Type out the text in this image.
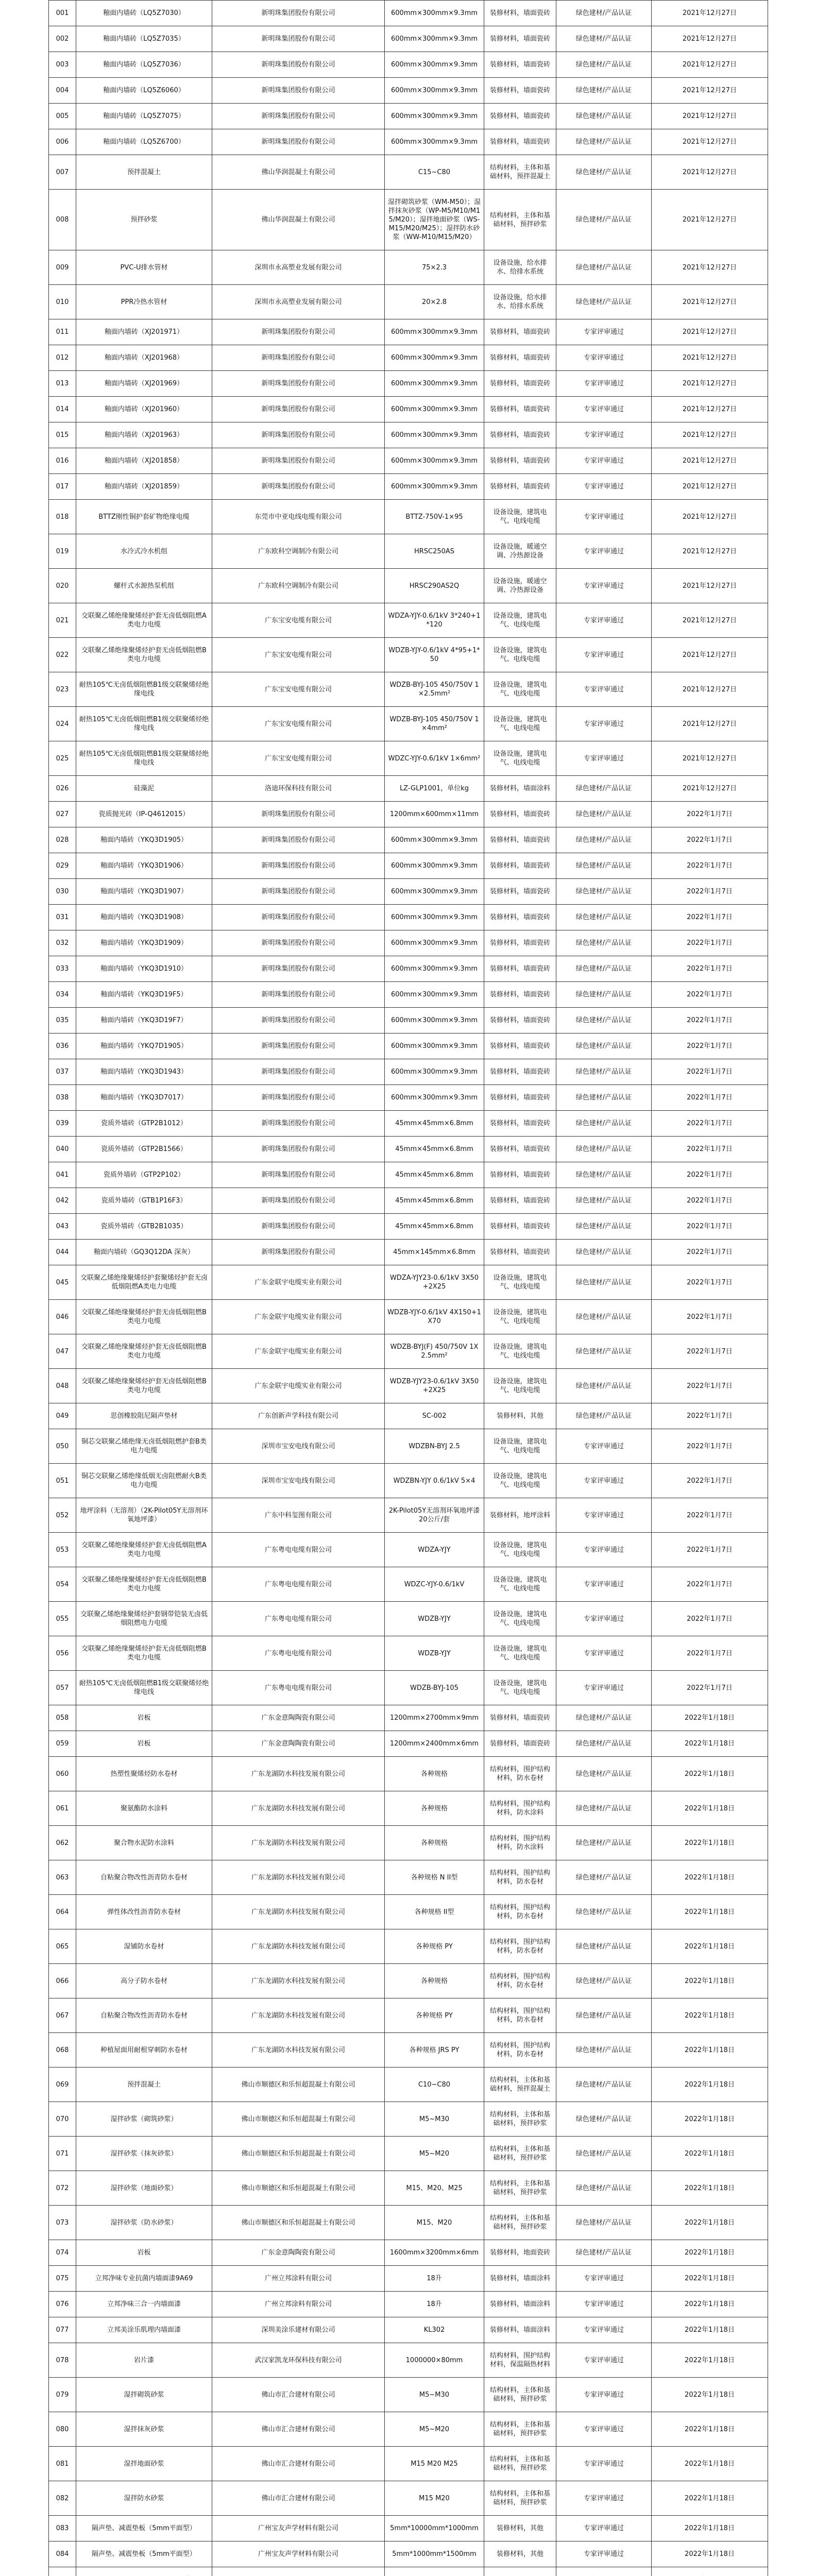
001	釉面内墙砖（LQ5Z7030）	新明珠集团股份有限公司	600mm×300mm×9.3mm	装修材料，墙面瓷砖	绿色建材/产品认证	2021年12月27日
002	釉面内墙砖（LQ5Z7035）	新明珠集团股份有限公司	600mm×300mm×9.3mm	装修材料，墙面瓷砖	绿色建材/产品认证	2021年12月27日
003	釉面内墙砖（LQ5Z7036）	新明珠集团股份有限公司	600mm×300mm×9.3mm	装修材料，墙面瓷砖	绿色建材/产品认证	2021年12月27日
004	釉面内墙砖（LQ5Z6060）	新明珠集团股份有限公司	600mm×300mm×9.3mm	装修材料，墙面瓷砖	绿色建材/产品认证	2021年12月27日
005	釉面内墙砖（LQ5Z7075）	新明珠集团股份有限公司	600mm×300mm×9.3mm	装修材料，墙面瓷砖	绿色建材/产品认证	2021年12月27日
006	釉面内墙砖（LQ5Z6700）	新明珠集团股份有限公司	600mm×300mm×9.3mm	装修材料，墙面瓷砖	绿色建材/产品认证	2021年12月27日
007	预拌混凝土	佛山华润混凝土有限公司	C15~C80	结构材料，主体和基础材料，预拌混凝土	绿色建材/产品认证	2021年12月27日
008	预拌砂浆	佛山华润混凝土有限公司	湿拌砌筑砂浆（WM-M50）；湿拌抹灰砂浆（WP-M5/M10/M15/M20）；湿拌地面砂浆（WS-M15/M20/M25）；湿拌防水砂浆（WW-M10/M15/M20）	结构材料，主体和基础材料，预拌砂浆	绿色建材/产品认证	2021年12月27日
009	PVC-U排水管材	深圳市永高塑业发展有限公司	75×2.3	设备设施，给水排水、给排水系统	绿色建材/产品认证	2021年12月27日
010	PPR冷热水管材	深圳市永高塑业发展有限公司	20×2.8	设备设施，给水排水、给排水系统	绿色建材/产品认证	2021年12月27日
011	釉面内墙砖（XJ201971）	新明珠集团股份有限公司	600mm×300mm×9.3mm	装修材料，墙面瓷砖	专家评审通过	2021年12月27日
012	釉面内墙砖（XJ201968）	新明珠集团股份有限公司	600mm×300mm×9.3mm	装修材料，墙面瓷砖	专家评审通过	2021年12月27日
013	釉面内墙砖（XJ201969）	新明珠集团股份有限公司	600mm×300mm×9.3mm	装修材料，墙面瓷砖	专家评审通过	2021年12月27日
014	釉面内墙砖（XJ201960）	新明珠集团股份有限公司	600mm×300mm×9.3mm	装修材料，墙面瓷砖	专家评审通过	2021年12月27日
015	釉面内墙砖（XJ201963）	新明珠集团股份有限公司	600mm×300mm×9.3mm	装修材料，墙面瓷砖	专家评审通过	2021年12月27日
016	釉面内墙砖（XJ201858）	新明珠集团股份有限公司	600mm×300mm×9.3mm	装修材料，墙面瓷砖	专家评审通过	2021年12月27日
017	釉面内墙砖（XJ201859）	新明珠集团股份有限公司	600mm×300mm×9.3mm	装修材料，墙面瓷砖	专家评审通过	2021年12月27日
018	BTTZ刚性铜护套矿物绝缘电缆	东莞市中亚电线电缆有限公司	BTTZ-750V-1×95	设备设施，建筑电气、电线电缆	专家评审通过	2021年12月27日
019	水冷式冷水机组	广东欧科空调制冷有限公司	HRSC250AS	设备设施，暖通空调、冷热源设备	专家评审通过	2021年12月27日
020	螺杆式水源热泵机组	广东欧科空调制冷有限公司	HRSC290AS2Q	设备设施，暖通空调、冷热源设备	专家评审通过	2021年12月27日
021	交联聚乙烯绝缘聚烯烃护套无卤低烟阻燃A类电力电缆	广东宝安电缆有限公司	WDZA-YJY-0.6/1kV 3*240+1*120	设备设施，建筑电气、电线电缆	专家评审通过	2021年12月27日
022	交联聚乙烯绝缘聚烯烃护套无卤低烟阻燃B类电力电缆	广东宝安电缆有限公司	WDZB-YJY-0.6/1kV 4*95+1*50	设备设施，建筑电气、电线电缆	专家评审通过	2021年12月27日
023	耐热105℃无卤低烟阻燃B1级交联聚烯烃绝缘电线	广东宝安电缆有限公司	WDZB-BYJ-105 450/750V 1×2.5mm²	设备设施，建筑电气、电线电缆	专家评审通过	2021年12月27日
024	耐热105℃无卤低烟阻燃B1级交联聚烯烃绝缘电线	广东宝安电缆有限公司	WDZB-BYJ-105 450/750V 1×4mm²	设备设施，建筑电气、电线电缆	专家评审通过	2021年12月27日
025	耐热105℃无卤低烟阻燃B1级交联聚烯烃绝缘电线	广东宝安电缆有限公司	WDZC-YJY-0.6/1kV 1×6mm²	设备设施，建筑电气、电线电缆	专家评审通过	2021年12月27日
026	硅藻泥	洛迪环保科技有限公司	LZ-GLP1001，单位kg	装修材料，墙面涂料	绿色建材/产品认证	2021年12月27日
027	瓷质抛光砖（IP-Q4612015）	新明珠集团股份有限公司	1200mm×600mm×11mm	装修材料，墙面瓷砖	绿色建材/产品认证	2022年1月7日
028	釉面内墙砖（YKQ3D1905）	新明珠集团股份有限公司	600mm×300mm×9.3mm	装修材料，墙面瓷砖	绿色建材/产品认证	2022年1月7日
029	釉面内墙砖（YKQ3D1906）	新明珠集团股份有限公司	600mm×300mm×9.3mm	装修材料，墙面瓷砖	绿色建材/产品认证	2022年1月7日
030	釉面内墙砖（YKQ3D1907）	新明珠集团股份有限公司	600mm×300mm×9.3mm	装修材料，墙面瓷砖	绿色建材/产品认证	2022年1月7日
031	釉面内墙砖（YKQ3D1908）	新明珠集团股份有限公司	600mm×300mm×9.3mm	装修材料，墙面瓷砖	绿色建材/产品认证	2022年1月7日
032	釉面内墙砖（YKQ3D1909）	新明珠集团股份有限公司	600mm×300mm×9.3mm	装修材料，墙面瓷砖	绿色建材/产品认证	2022年1月7日
033	釉面内墙砖（YKQ3D1910）	新明珠集团股份有限公司	600mm×300mm×9.3mm	装修材料，墙面瓷砖	绿色建材/产品认证	2022年1月7日
034	釉面内墙砖（YKQ3D19F5）	新明珠集团股份有限公司	600mm×300mm×9.3mm	装修材料，墙面瓷砖	绿色建材/产品认证	2022年1月7日
035	釉面内墙砖（YKQ3D19F7）	新明珠集团股份有限公司	600mm×300mm×9.3mm	装修材料，墙面瓷砖	绿色建材/产品认证	2022年1月7日
036	釉面内墙砖（YKQ7D1905）	新明珠集团股份有限公司	600mm×300mm×9.3mm	装修材料，墙面瓷砖	绿色建材/产品认证	2022年1月7日
037	釉面内墙砖（YKQ3D1943）	新明珠集团股份有限公司	600mm×300mm×9.3mm	装修材料，墙面瓷砖	绿色建材/产品认证	2022年1月7日
038	釉面内墙砖（YKQ3D7017）	新明珠集团股份有限公司	600mm×300mm×9.3mm	装修材料，墙面瓷砖	绿色建材/产品认证	2022年1月7日
039	瓷质外墙砖（GTP2B1012）	新明珠集团股份有限公司	45mm×45mm×6.8mm	装修材料，墙面瓷砖	绿色建材/产品认证	2022年1月7日
040	瓷质外墙砖（GTP2B1566）	新明珠集团股份有限公司	45mm×45mm×6.8mm	装修材料，墙面瓷砖	绿色建材/产品认证	2022年1月7日
041	瓷质外墙砖（GTP2P102）	新明珠集团股份有限公司	45mm×45mm×6.8mm	装修材料，墙面瓷砖	绿色建材/产品认证	2022年1月7日
042	瓷质外墙砖（GTB1P16F3）	新明珠集团股份有限公司	45mm×45mm×6.8mm	装修材料，墙面瓷砖	绿色建材/产品认证	2022年1月7日
043	瓷质外墙砖（GTB2B1035）	新明珠集团股份有限公司	45mm×45mm×6.8mm	装修材料，墙面瓷砖	绿色建材/产品认证	2022年1月7日
044	釉面内墙砖（GQ3Q12DA 深灰）	新明珠集团股份有限公司	45mm×145mm×6.8mm	装修材料，墙面瓷砖	绿色建材/产品认证	2022年1月7日
045	交联聚乙烯绝缘聚烯烃护套聚烯烃护套无卤低烟阻燃A类电力电缆	广东金联宇电缆实业有限公司	WDZA-YJY23-0.6/1kV 3X50+2X25	设备设施，建筑电气、电线电缆	绿色建材/产品认证	2022年1月7日
046	交联聚乙烯绝缘聚烯烃护套无卤低烟阻燃B类电力电缆	广东金联宇电缆实业有限公司	WDZB-YJY-0.6/1kV 4X150+1X70	设备设施，建筑电气、电线电缆	绿色建材/产品认证	2022年1月7日
047	交联聚乙烯绝缘聚烯烃护套无卤低烟阻燃B类电力电缆	广东金联宇电缆实业有限公司	WDZB-BYJ(F) 450/750V 1X2.5mm²	设备设施，建筑电气、电线电缆	绿色建材/产品认证	2022年1月7日
048	交联聚乙烯绝缘聚烯烃护套无卤低烟阻燃B类电力电缆	广东金联宇电缆实业有限公司	WDZB-YJY23-0.6/1kV 3X50+2X25	设备设施，建筑电气、电线电缆	绿色建材/产品认证	2022年1月7日
049	思创橡胶阻尼隔声垫材	广东创新声学科技有限公司	SC-002	装修材料，其他	绿色建材/产品认证	2022年1月7日
050	铜芯交联聚乙烯绝缘无卤低烟阻燃护套B类电力电缆	深圳市宝安电线有限公司	WDZBN-BYJ 2.5	设备设施，建筑电气、电线电缆	专家评审通过	2022年1月7日
051	铜芯交联聚乙烯绝缘低烟无卤阻燃耐火B类电力电缆	深圳市宝安电线有限公司	WDZBN-YJY 0.6/1kV 5×4	设备设施，建筑电气、电线电缆	专家评审通过	2022年1月7日
052	地坪涂料（无溶剂）（2K-Pilot05Y无溶剂环氧地坪漆）	广东中科玺图有限公司	2K-Pilot05Y无溶剂环氧地坪漆 20公斤/套	装修材料，地坪涂料	专家评审通过	2022年1月7日
053	交联聚乙烯绝缘聚烯烃护套无卤低烟阻燃A类电力电缆	广东粤电电缆有限公司	WDZA-YJY	设备设施，建筑电气、电线电缆	专家评审通过	2022年1月7日
054	交联聚乙烯绝缘聚烯烃护套无卤低烟阻燃B类电力电缆	广东粤电电缆有限公司	WDZC-YJY-0.6/1kV	设备设施，建筑电气、电线电缆	专家评审通过	2022年1月7日
055	交联聚乙烯绝缘聚烯烃护套钢带铠装无卤低烟阻燃电力电缆	广东粤电电缆有限公司	WDZB-YJY	设备设施，建筑电气、电线电缆	专家评审通过	2022年1月7日
056	交联聚乙烯绝缘聚烯烃护套无卤低烟阻燃B类电力电缆	广东粤电电缆有限公司	WDZB-YJY	设备设施，建筑电气、电线电缆	专家评审通过	2022年1月7日
057	耐热105℃无卤低烟阻燃B1级交联聚烯烃绝缘电线	广东粤电电缆有限公司	WDZB-BYJ-105	设备设施，建筑电气、电线电缆	专家评审通过	2022年1月7日
058	岩板	广东金意陶陶瓷有限公司	1200mm×2700mm×9mm	装修材料，墙面瓷砖	绿色建材/产品认证	2022年1月18日
059	岩板	广东金意陶陶瓷有限公司	1200mm×2400mm×6mm	装修材料，墙面瓷砖	绿色建材/产品认证	2022年1月18日
060	热塑性聚烯烃防水卷材	广东龙湖防水科技发展有限公司	各种规格	结构材料，围护结构材料，防水卷材	绿色建材/产品认证	2022年1月18日
061	聚氨酯防水涂料	广东龙湖防水科技发展有限公司	各种规格	结构材料，围护结构材料，防水涂料	绿色建材/产品认证	2022年1月18日
062	聚合物水泥防水涂料	广东龙湖防水科技发展有限公司	各种规格	结构材料，围护结构材料，防水涂料	绿色建材/产品认证	2022年1月18日
063	自粘聚合物改性沥青防水卷材	广东龙湖防水科技发展有限公司	各种规格 N II型	结构材料，围护结构材料，防水卷材	绿色建材/产品认证	2022年1月18日
064	弹性体改性沥青防水卷材	广东龙湖防水科技发展有限公司	各种规格 II型	结构材料，围护结构材料，防水卷材	绿色建材/产品认证	2022年1月18日
065	湿铺防水卷材	广东龙湖防水科技发展有限公司	各种规格 PY	结构材料，围护结构材料，防水卷材	绿色建材/产品认证	2022年1月18日
066	高分子防水卷材	广东龙湖防水科技发展有限公司	各种规格	结构材料，围护结构材料，防水卷材	绿色建材/产品认证	2022年1月18日
067	自粘聚合物改性沥青防水卷材	广东龙湖防水科技发展有限公司	各种规格 PY	结构材料，围护结构材料，防水卷材	绿色建材/产品认证	2022年1月18日
068	种植屋面用耐根穿刺防水卷材	广东龙湖防水科技发展有限公司	各种规格 JRS PY	结构材料，围护结构材料，防水卷材	绿色建材/产品认证	2022年1月18日
069	预拌混凝土	佛山市顺德区和乐恒超混凝土有限公司	C10~C80	结构材料，主体和基础材料，预拌混凝土	绿色建材/产品认证	2022年1月18日
070	湿拌砂浆（砌筑砂浆）	佛山市顺德区和乐恒超混凝土有限公司	M5~M30	结构材料，主体和基础材料，预拌砂浆	绿色建材/产品认证	2022年1月18日
071	湿拌砂浆（抹灰砂浆）	佛山市顺德区和乐恒超混凝土有限公司	M5~M20	结构材料，主体和基础材料，预拌砂浆	绿色建材/产品认证	2022年1月18日
072	湿拌砂浆（地面砂浆）	佛山市顺德区和乐恒超混凝土有限公司	M15、M20、M25	结构材料，主体和基础材料，预拌砂浆	绿色建材/产品认证	2022年1月18日
073	湿拌砂浆（防水砂浆）	佛山市顺德区和乐恒超混凝土有限公司	M15、M20	结构材料，主体和基础材料，预拌砂浆	绿色建材/产品认证	2022年1月18日
074	岩板	广东金意陶陶瓷有限公司	1600mm×3200mm×6mm	装修材料，地面瓷砖	绿色建材/产品认证	2022年1月18日
075	立邦净味专业抗菌内墙面漆9A69	广州立邦涂料有限公司	18升	装修材料，墙面涂料	专家评审通过	2022年1月18日
076	立邦净味三合一内墙面漆	广州立邦涂料有限公司	18升	装修材料，墙面涂料	专家评审通过	2022年1月18日
077	立邦美涂乐肌理内墙面漆	深圳美涂乐建材有限公司	KL302	装修材料，墙面涂料	专家评审通过	2022年1月18日
078	岩片漆	武汉家凯龙环保科技有限公司	1000000×80mm	结构材料，围护结构材料，保温隔热材料	专家评审通过	2022年1月18日
079	湿拌砌筑砂浆	佛山市汇合建材有限公司	M5~M30	结构材料，主体和基础材料，预拌砂浆	专家评审通过	2022年1月18日
080	湿拌抹灰砂浆	佛山市汇合建材有限公司	M5~M20	结构材料，主体和基础材料，预拌砂浆	专家评审通过	2022年1月18日
081	湿拌地面砂浆	佛山市汇合建材有限公司	M15 M20 M25	结构材料，主体和基础材料，预拌砂浆	专家评审通过	2022年1月18日
082	湿拌防水砂浆	佛山市汇合建材有限公司	M15 M20	结构材料，主体和基础材料，预拌砂浆	专家评审通过	2022年1月18日
083	隔声垫、减震垫板（5mm平面型）	广州宝友声学材料有限公司	5mm*10000mm*1000mm	装修材料，其他	专家评审通过	2022年1月18日
084	隔声垫、减震垫板（5mm平面型）	广州宝友声学材料有限公司	5mm*1000mm*1500mm	装修材料，其他	专家评审通过	2022年1月18日
